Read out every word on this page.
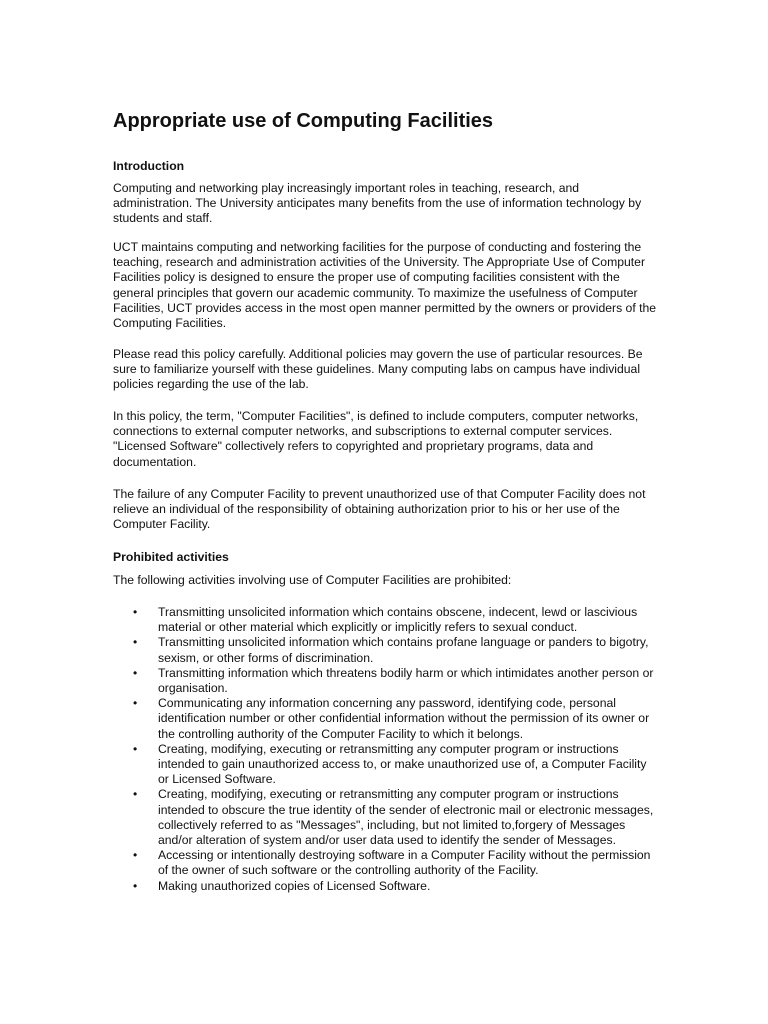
Appropriate use of Computing Facilities
Introduction

Computing and networking play increasingly important roles in teaching, research, and administration. The University anticipates many benefits from the use of information technology by students and staff.

UCT maintains computing and networking facilities for the purpose of conducting and fostering the teaching, research and administration activities of the University. The Appropriate Use of Computer Facilities policy is designed to ensure the proper use of computing facilities consistent with the general principles that govern our academic community. To maximize the usefulness of Computer Facilities, UCT provides access in the most open manner permitted by the owners or providers of the Computing Facilities.

Please read this policy carefully. Additional policies may govern the use of particular resources. Be sure to familiarize yourself with these guidelines. Many computing labs on campus have individual policies regarding the use of the lab.

In this policy, the term, "Computer Facilities", is defined to include computers, computer networks, connections to external computer networks, and subscriptions to external computer services. "Licensed Software" collectively refers to copyrighted and proprietary programs, data and documentation.

The failure of any Computer Facility to prevent unauthorized use of that Computer Facility does not relieve an individual of the responsibility of obtaining authorization prior to his or her use of the Computer Facility.

Prohibited activities

The following activities involving use of Computer Facilities are prohibited:

• Transmitting unsolicited information which contains obscene, indecent, lewd or lascivious material or other material which explicitly or implicitly refers to sexual conduct.
• Transmitting unsolicited information which contains profane language or panders to bigotry, sexism, or other forms of discrimination.
• Transmitting information which threatens bodily harm or which intimidates another person or organisation.
• Communicating any information concerning any password, identifying code, personal identification number or other confidential information without the permission of its owner or the controlling authority of the Computer Facility to which it belongs.
• Creating, modifying, executing or retransmitting any computer program or instructions intended to gain unauthorized access to, or make unauthorized use of, a Computer Facility or Licensed Software.
• Creating, modifying, executing or retransmitting any computer program or instructions intended to obscure the true identity of the sender of electronic mail or electronic messages, collectively referred to as "Messages", including, but not limited to,forgery of Messages and/or alteration of system and/or user data used to identify the sender of Messages.
• Accessing or intentionally destroying software in a Computer Facility without the permission of the owner of such software or the controlling authority of the Facility.
• Making unauthorized copies of Licensed Software.
